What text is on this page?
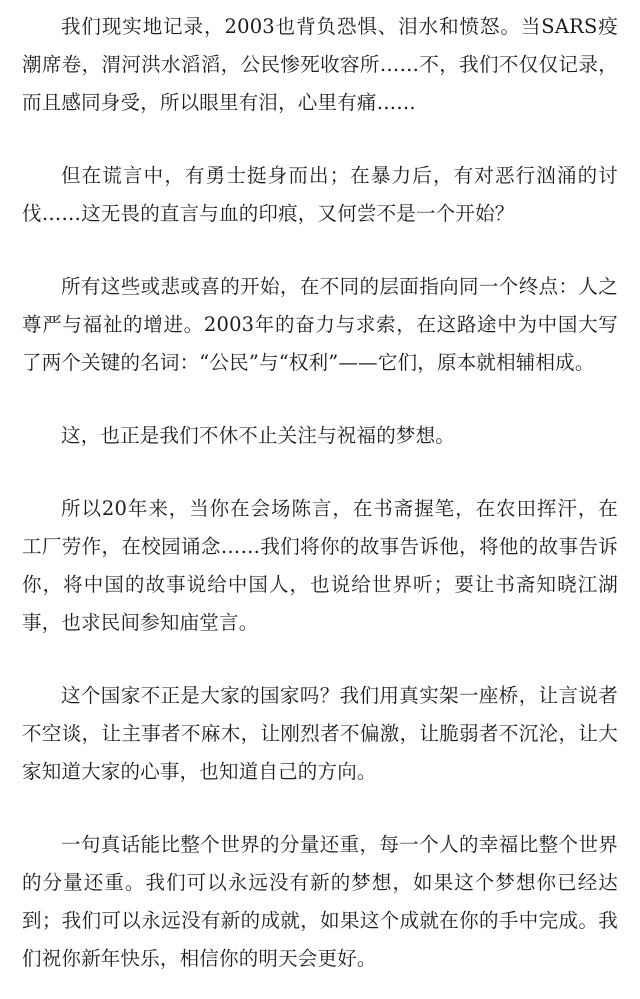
我们现实地记录，2003也背负恐惧、泪水和愤怒。当SARS疫潮席卷，渭河洪水滔滔，公民惨死收容所……不，我们不仅仅记录，而且感同身受，所以眼里有泪，心里有痛……

但在谎言中，有勇士挺身而出；在暴力后，有对恶行汹涌的讨伐……这无畏的直言与血的印痕，又何尝不是一个开始？

所有这些或悲或喜的开始，在不同的层面指向同一个终点：人之尊严与福祉的增进。2003年的奋力与求索，在这路途中为中国大写了两个关键的名词：“公民”与“权利”——它们，原本就相辅相成。

这，也正是我们不休不止关注与祝福的梦想。

所以20年来，当你在会场陈言，在书斋握笔，在农田挥汗，在工厂劳作，在校园诵念……我们将你的故事告诉他，将他的故事告诉你，将中国的故事说给中国人，也说给世界听；要让书斋知晓江湖事，也求民间参知庙堂言。

这个国家不正是大家的国家吗？我们用真实架一座桥，让言说者不空谈，让主事者不麻木，让刚烈者不偏激，让脆弱者不沉沦，让大家知道大家的心事，也知道自己的方向。

一句真话能比整个世界的分量还重，每一个人的幸福比整个世界的分量还重。我们可以永远没有新的梦想，如果这个梦想你已经达到；我们可以永远没有新的成就，如果这个成就在你的手中完成。我们祝你新年快乐，相信你的明天会更好。
